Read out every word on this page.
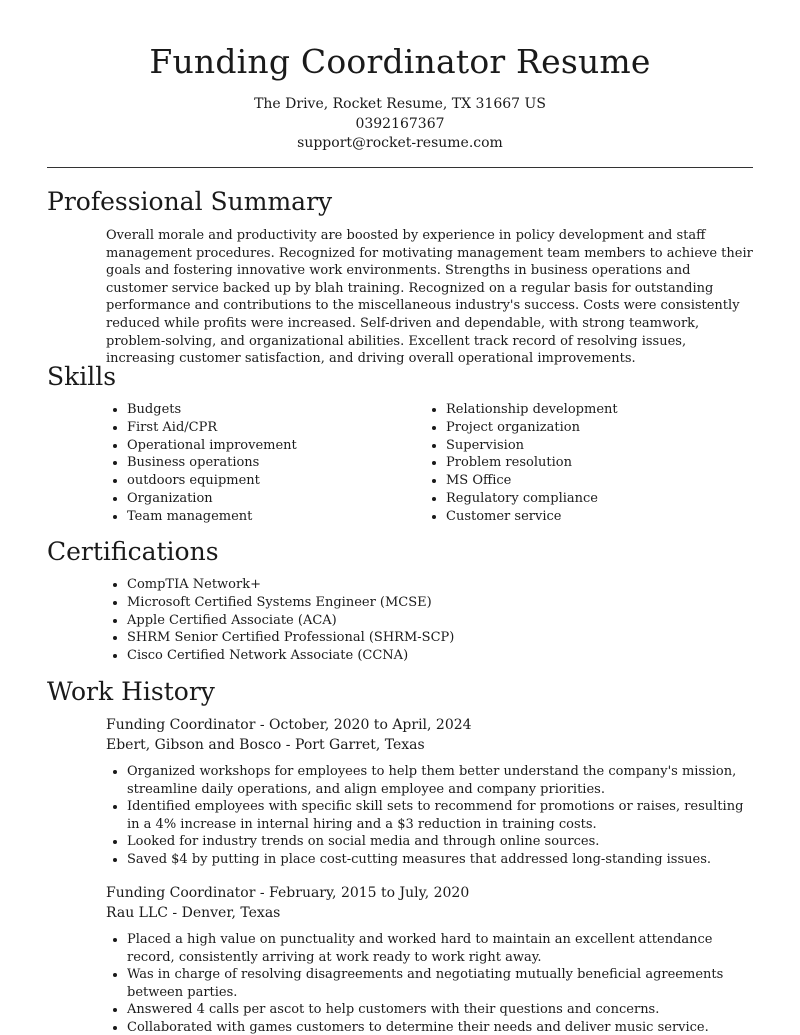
Funding Coordinator Resume
The Drive, Rocket Resume, TX 31667 US
0392167367
support@rocket-resume.com
Professional Summary
Overall morale and productivity are boosted by experience in policy development and staff management procedures. Recognized for motivating management team members to achieve their goals and fostering innovative work environments. Strengths in business operations and customer service backed up by blah training. Recognized on a regular basis for outstanding performance and contributions to the miscellaneous industry's success. Costs were consistently reduced while profits were increased. Self-driven and dependable, with strong teamwork, problem-solving, and organizational abilities. Excellent track record of resolving issues, increasing customer satisfaction, and driving overall operational improvements.
Skills
• Budgets
• First Aid/CPR
• Operational improvement
• Business operations
• outdoors equipment
• Organization
• Team management
• Relationship development
• Project organization
• Supervision
• Problem resolution
• MS Office
• Regulatory compliance
• Customer service
Certifications
• CompTIA Network+
• Microsoft Certified Systems Engineer (MCSE)
• Apple Certified Associate (ACA)
• SHRM Senior Certified Professional (SHRM-SCP)
• Cisco Certified Network Associate (CCNA)
Work History
Funding Coordinator - October, 2020 to April, 2024
Ebert, Gibson and Bosco - Port Garret, Texas
• Organized workshops for employees to help them better understand the company's mission, streamline daily operations, and align employee and company priorities.
• Identified employees with specific skill sets to recommend for promotions or raises, resulting in a 4% increase in internal hiring and a $3 reduction in training costs.
• Looked for industry trends on social media and through online sources.
• Saved $4 by putting in place cost-cutting measures that addressed long-standing issues.
Funding Coordinator - February, 2015 to July, 2020
Rau LLC - Denver, Texas
• Placed a high value on punctuality and worked hard to maintain an excellent attendance record, consistently arriving at work ready to work right away.
• Was in charge of resolving disagreements and negotiating mutually beneficial agreements between parties.
• Answered 4 calls per ascot to help customers with their questions and concerns.
• Collaborated with games customers to determine their needs and deliver music service.
